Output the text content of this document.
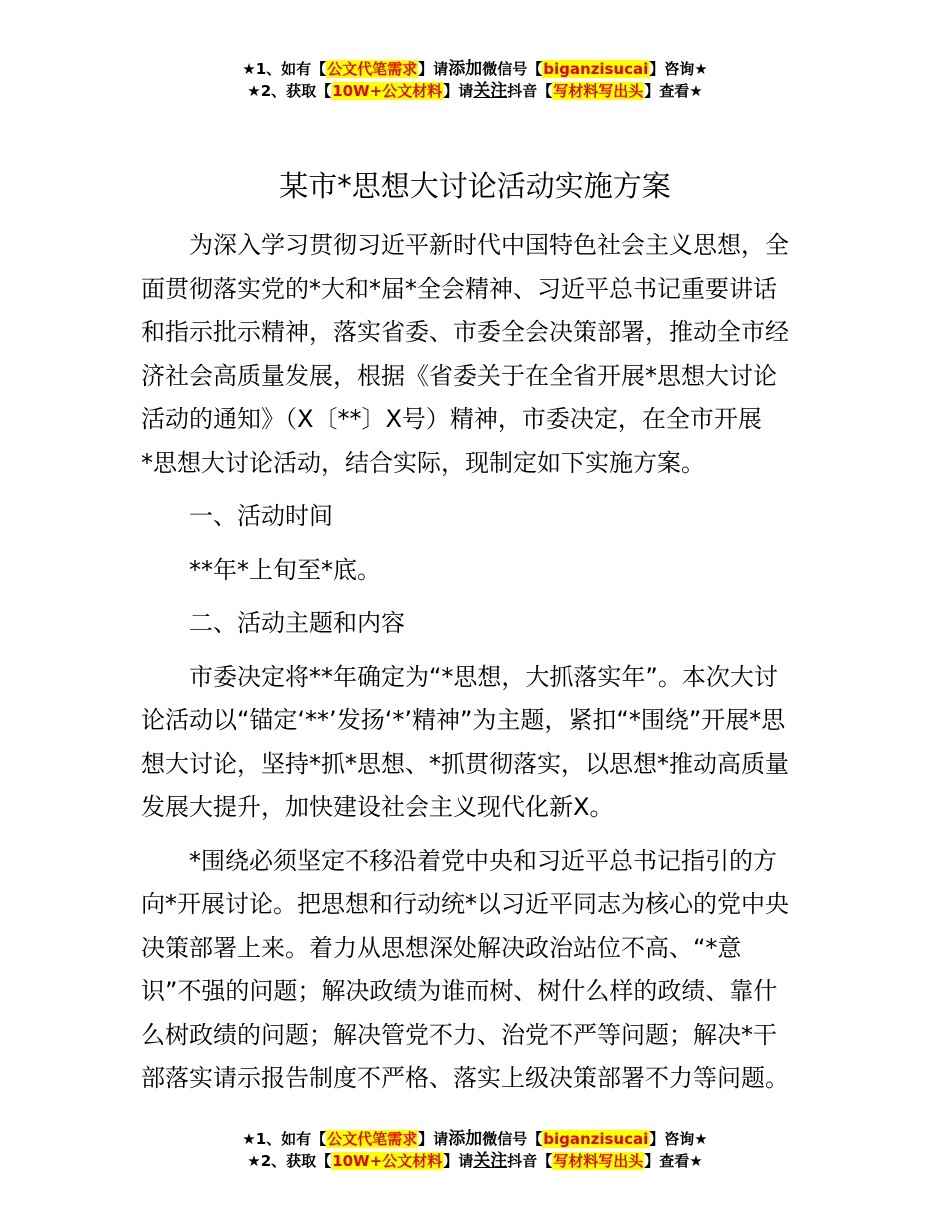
★1、如有【公文代笔需求】请添加微信号【biganzisucai】咨询★
★2、获取【10W+公文材料】请关注抖音【写材料写出头】查看★
某市*思想大讨论活动实施方案

为深入学习贯彻习近平新时代中国特色社会主义思想，全

面贯彻落实党的*大和*届*全会精神、习近平总书记重要讲话

和指示批示精神，落实省委、市委全会决策部署，推动全市经

济社会高质量发展，根据《省委关于在全省开展*思想大讨论

活动的通知》（X〔**〕X号）精神，市委决定，在全市开展

*思想大讨论活动，结合实际，现制定如下实施方案。

一、活动时间

**年*上旬至*底。

二、活动主题和内容

市委决定将**年确定为“*思想，大抓落实年”。本次大讨

论活动以“锚定‘**’发扬‘*’精神”为主题，紧扣“*围绕”开展*思

想大讨论，坚持*抓*思想、*抓贯彻落实，以思想*推动高质量

发展大提升，加快建设社会主义现代化新X。

*围绕必须坚定不移沿着党中央和习近平总书记指引的方

向*开展讨论。把思想和行动统*以习近平同志为核心的党中央

决策部署上来。着力从思想深处解决政治站位不高、“*意

识”不强的问题；解决政绩为谁而树、树什么样的政绩、靠什

么树政绩的问题；解决管党不力、治党不严等问题；解决*干

部落实请示报告制度不严格、落实上级决策部署不力等问题。

★1、如有【公文代笔需求】请添加微信号【biganzisucai】咨询★
★2、获取【10W+公文材料】请关注抖音【写材料写出头】查看★
